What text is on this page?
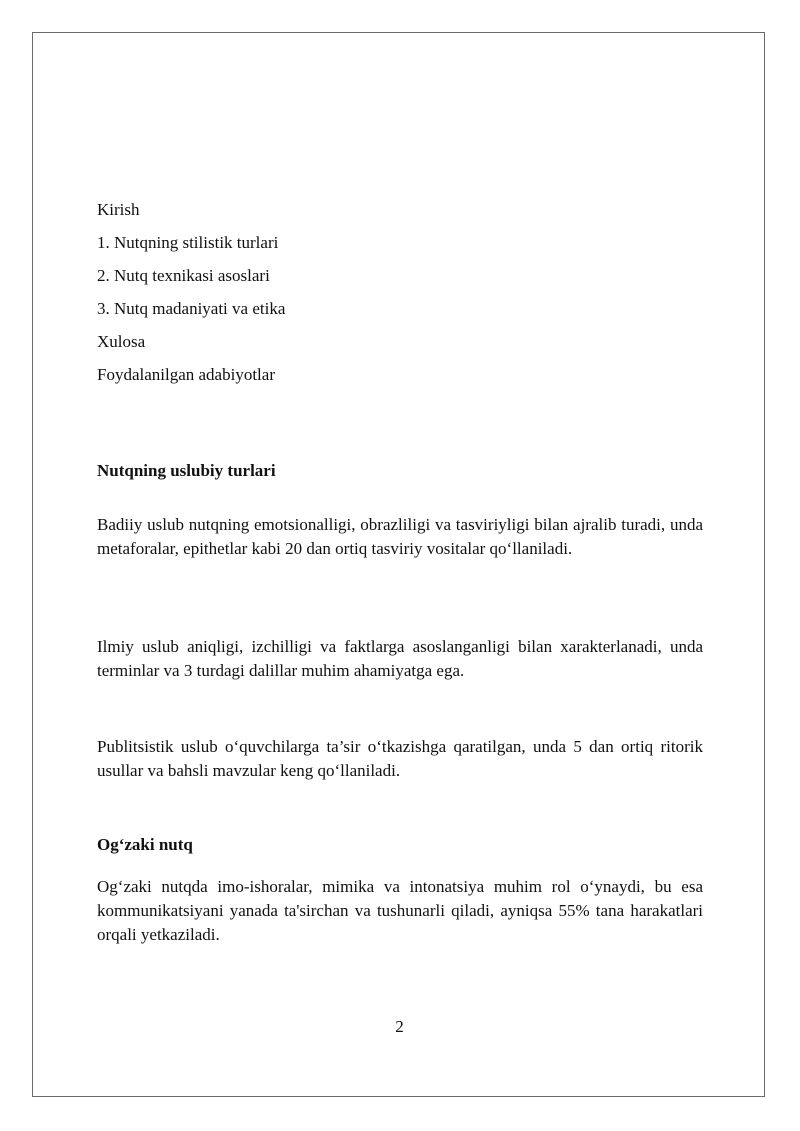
Kirish
1. Nutqning stilistik turlari
2. Nutq texnikasi asoslari
3. Nutq madaniyati va etika
Xulosa
Foydalanilgan adabiyotlar
Nutqning uslubiy turlari
Badiiy uslub nutqning emotsionalligi, obrazliligi va tasviriyligi bilan ajralib turadi, unda metaforalar, epithetlar kabi 20 dan ortiq tasviriy vositalar qo‘llaniladi.
Ilmiy uslub aniqligi, izchilligi va faktlarga asoslanganligi bilan xarakterlanadi, unda terminlar va 3 turdagi dalillar muhim ahamiyatga ega.
Publitsistik uslub o‘quvchilarga ta’sir o‘tkazishga qaratilgan, unda 5 dan ortiq ritorik usullar va bahsli mavzular keng qo‘llaniladi.
Og‘zaki nutq
Og‘zaki nutqda imo-ishoralar, mimika va intonatsiya muhim rol o‘ynaydi, bu esa kommunikatsiyani yanada ta'sirchan va tushunarli qiladi, ayniqsa 55% tana harakatlari orqali yetkaziladi.
2
